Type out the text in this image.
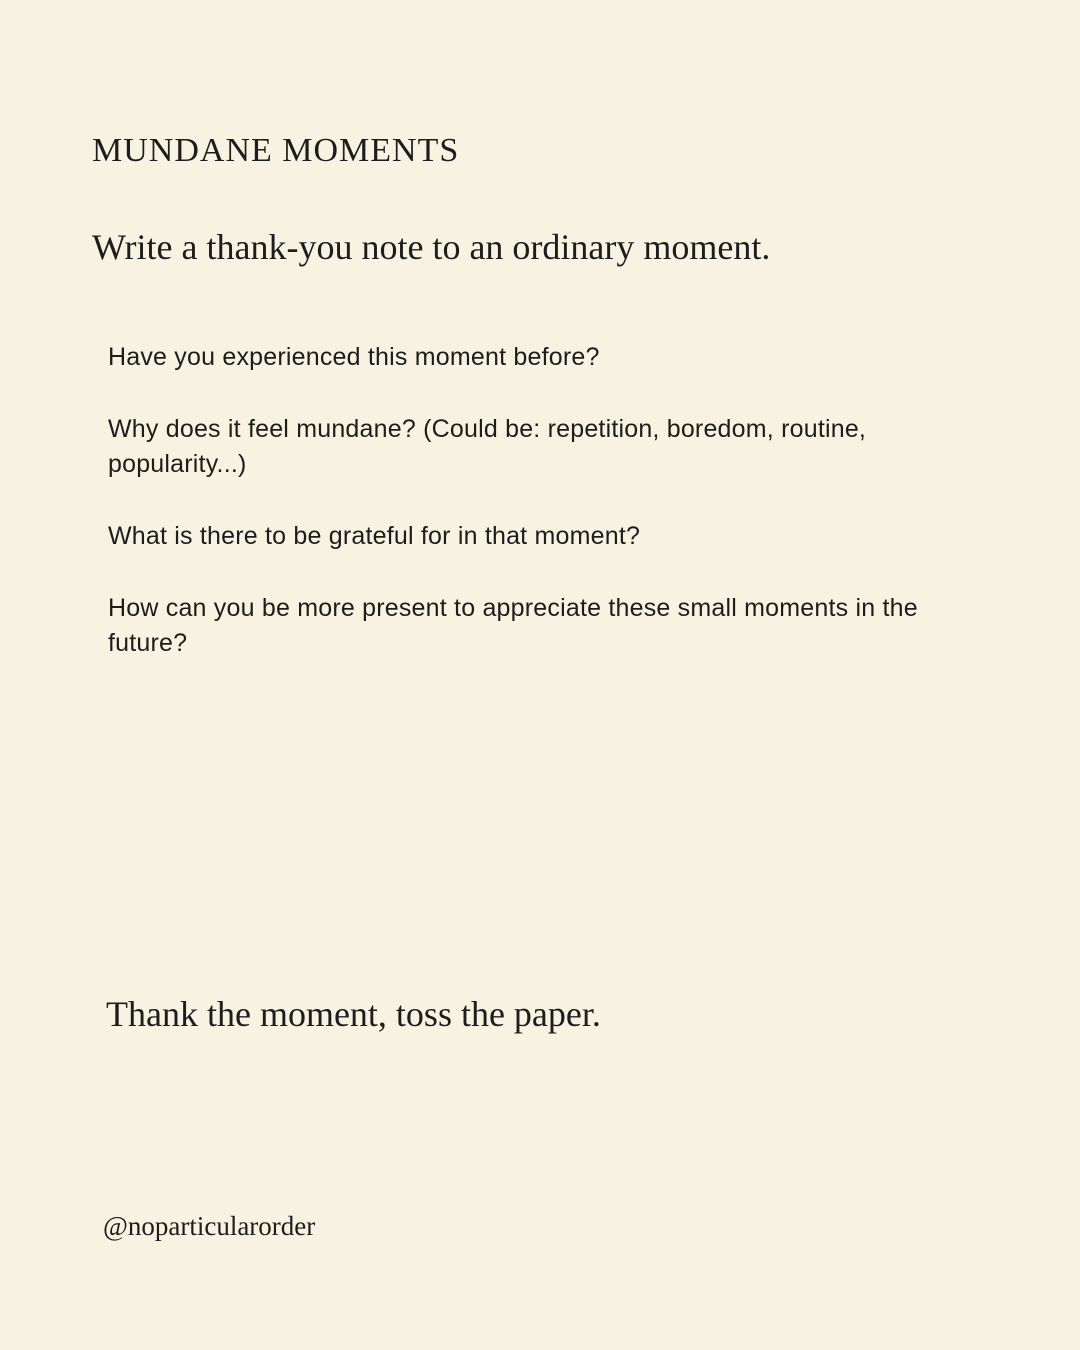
MUNDANE MOMENTS
Write a thank-you note to an ordinary moment.
Have you experienced this moment before?
Why does it feel mundane? (Could be: repetition, boredom, routine,
popularity...)
What is there to be grateful for in that moment?
How can you be more present to appreciate these small moments in the
future?
Thank the moment, toss the paper.
@noparticularorder
